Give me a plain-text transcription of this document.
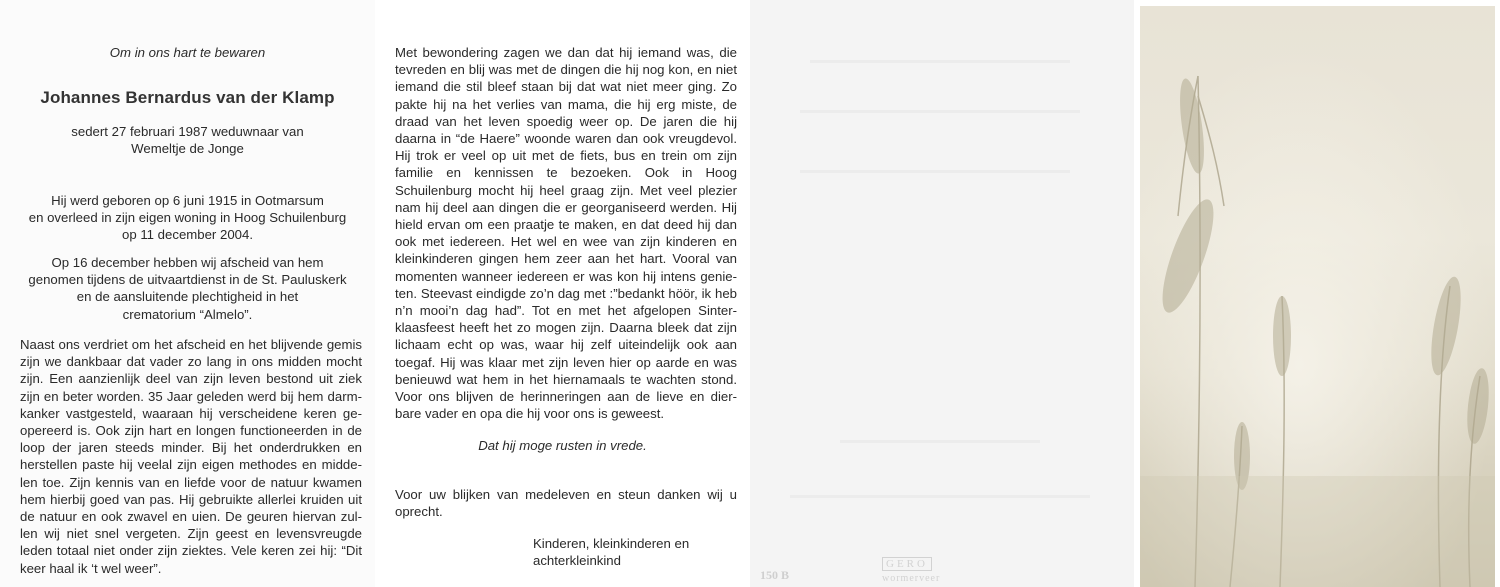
Om in ons hart te bewaren
Johannes Bernardus van der Klamp
sedert 27 februari 1987 weduwnaar van
Wemeltje de Jonge
Hij werd geboren op 6 juni 1915 in Ootmarsum
en overleed in zijn eigen woning in Hoog Schuilenburg
op 11 december 2004.
Op 16 december hebben wij afscheid van hem
genomen tijdens de uitvaartdienst in de St. Pauluskerk
en de aansluitende plechtigheid in het
crematorium “Almelo”.
Naast ons verdriet om het afscheid en het blijvende gemis zijn we dankbaar dat vader zo lang in ons midden mocht zijn. Een aanzienlijk deel van zijn leven bestond uit ziek zijn en beter worden. 35 Jaar geleden werd bij hem darm-kanker vastgesteld, waaraan hij verscheidene keren ge-opereerd is. Ook zijn hart en longen functioneerden in de loop der jaren steeds minder. Bij het onderdrukken en herstellen paste hij veelal zijn eigen methodes en midde-len toe. Zijn kennis van en liefde voor de natuur kwamen hem hierbij goed van pas. Hij gebruikte allerlei kruiden uit de natuur en ook zwavel en uien. De geuren hiervan zul-len wij niet snel vergeten. Zijn geest en levensvreugde leden totaal niet onder zijn ziektes. Vele keren zei hij: “Dit keer haal ik ‘t wel weer”.
Met bewondering zagen we dan dat hij iemand was, die tevreden en blij was met de dingen die hij nog kon, en niet iemand die stil bleef staan bij dat wat niet meer ging. Zo pakte hij na het verlies van mama, die hij erg miste, de draad van het leven spoedig weer op. De jaren die hij daarna in “de Haere” woonde waren dan ook vreugdevol. Hij trok er veel op uit met de fiets, bus en trein om zijn familie en kennissen te bezoeken. Ook in Hoog Schuilenburg mocht hij heel graag zijn. Met veel plezier nam hij deel aan dingen die er georganiseerd werden. Hij hield ervan om een praatje te maken, en dat deed hij dan ook met iedereen. Het wel en wee van zijn kinderen en kleinkinderen gingen hem zeer aan het hart. Vooral van momenten wanneer iedereen er was kon hij intens genie-ten. Steevast eindigde zo’n dag met :”bedankt höör, ik heb n’n mooi’n dag had”. Tot en met het afgelopen Sinter-klaasfeest heeft het zo mogen zijn. Daarna bleek dat zijn lichaam echt op was, waar hij zelf uiteindelijk ook aan toegaf. Hij was klaar met zijn leven hier op aarde en was benieuwd wat hem in het hiernamaals te wachten stond. Voor ons blijven de herinneringen aan de lieve en dier-bare vader en opa die hij voor ons is geweest.
Dat hij moge rusten in vrede.
Voor uw blijken van medeleven en steun danken wij u oprecht.
Kinderen, kleinkinderen en
achterkleinkind
150 B
GERO
wormerveer
